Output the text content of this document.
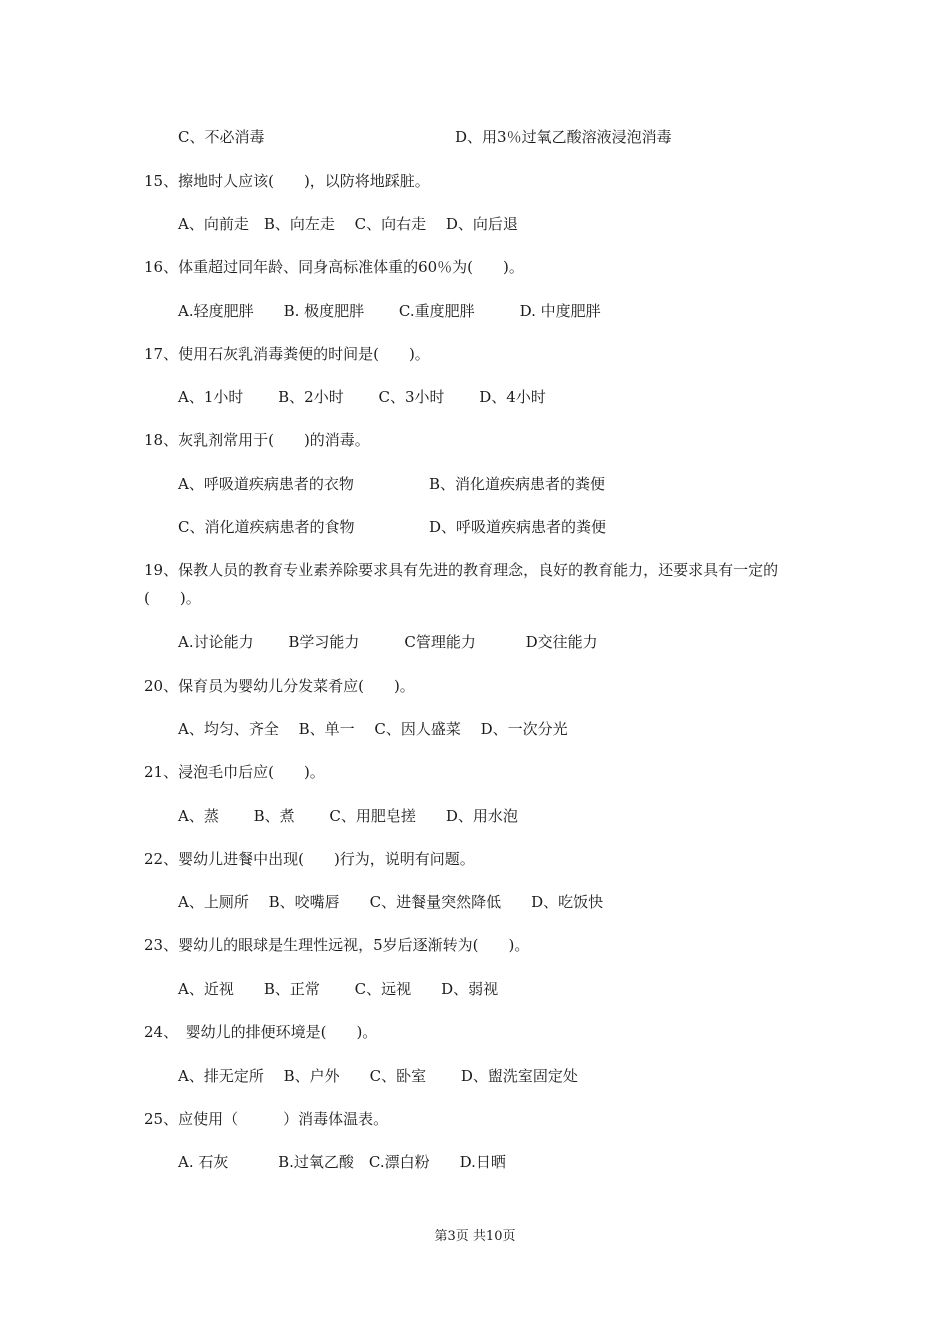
C、不必消毒	D、用3％过氧乙酸溶液浸泡消毒
15、擦地时人应该(　　)，以防将地踩脏。
A、向前走　B、向左走　 C、向右走　 D、向后退
16、体重超过同年龄、同身高标准体重的60％为(　　)。
A.轻度肥胖　　B. 极度肥胖　　 C.重度肥胖　　　D. 中度肥胖
17、使用石灰乳消毒粪便的时间是(　　)。
A、1小时　　 B、2小时　　 C、3小时　　 D、4小时
18、灰乳剂常用于(　　)的消毒。
A、呼吸道疾病患者的衣物	B、消化道疾病患者的粪便
C、消化道疾病患者的食物	D、呼吸道疾病患者的粪便
19、保教人员的教育专业素养除要求具有先进的教育理念，良好的教育能力，还要求具有一定的(　　)。
A.讨论能力　　 B学习能力　　　C管理能力　　　 D交往能力
20、保育员为婴幼儿分发菜肴应(　　)。
A、均匀、齐全　 B、单一　 C、因人盛菜　 D、一次分光
21、浸泡毛巾后应(　　)。
A、蒸　　 B、煮　　 C、用肥皂搓　　D、用水泡
22、婴幼儿进餐中出现(　　)行为，说明有问题。
A、上厕所　 B、咬嘴唇　　C、进餐量突然降低　　D、吃饭快
23、婴幼儿的眼球是生理性远视，5岁后逐渐转为(　　)。
A、近视　　B、正常　　 C、远视　　D、弱视
24、　婴幼儿的排便环境是(　　)。
A、排无定所　 B、户外　　C、卧室　　 D、盥洗室固定处
25、应使用（　　　）消毒体温表。
A. 石灰　　　 B.过氧乙酸　C.漂白粉　　D.日晒
第3页 共10页
